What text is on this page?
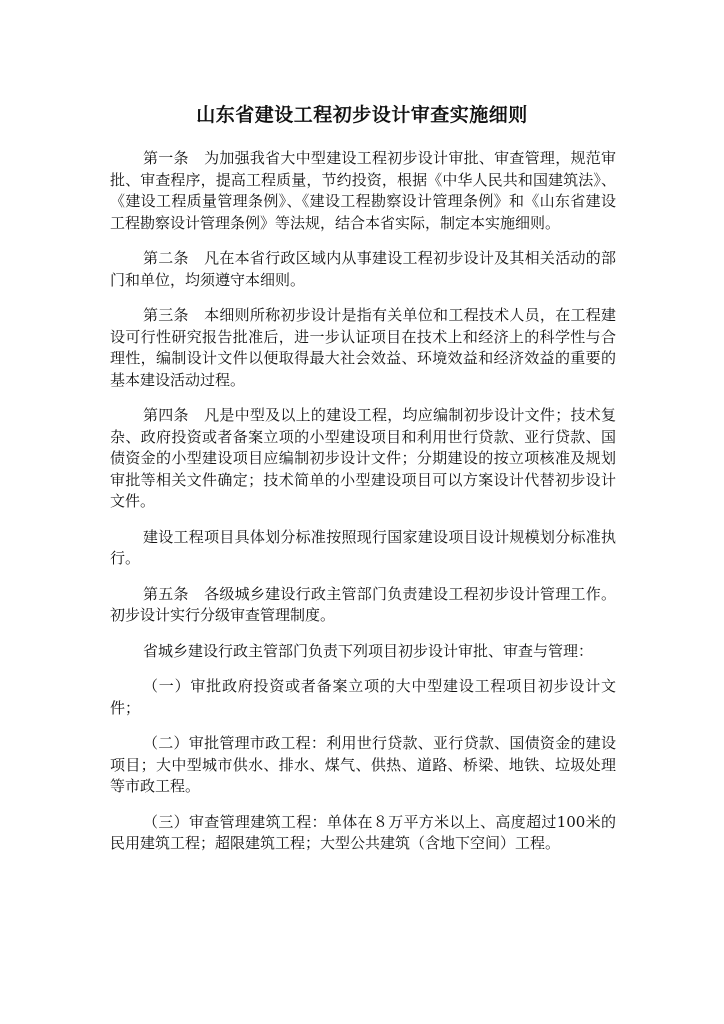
山东省建设工程初步设计审查实施细则

第一条　为加强我省大中型建设工程初步设计审批、审查管理，规范审批、审查程序，提高工程质量，节约投资，根据《中华人民共和国建筑法》、《建设工程质量管理条例》、《建设工程勘察设计管理条例》和《山东省建设工程勘察设计管理条例》等法规，结合本省实际，制定本实施细则。

第二条　凡在本省行政区域内从事建设工程初步设计及其相关活动的部门和单位，均须遵守本细则。

第三条　本细则所称初步设计是指有关单位和工程技术人员，在工程建设可行性研究报告批准后，进一步认证项目在技术上和经济上的科学性与合理性，编制设计文件以便取得最大社会效益、环境效益和经济效益的重要的基本建设活动过程。

第四条　凡是中型及以上的建设工程，均应编制初步设计文件；技术复杂、政府投资或者备案立项的小型建设项目和利用世行贷款、亚行贷款、国债资金的小型建设项目应编制初步设计文件；分期建设的按立项核准及规划审批等相关文件确定；技术简单的小型建设项目可以方案设计代替初步设计文件。

建设工程项目具体划分标准按照现行国家建设项目设计规模划分标准执行。

第五条　各级城乡建设行政主管部门负责建设工程初步设计管理工作。初步设计实行分级审查管理制度。

省城乡建设行政主管部门负责下列项目初步设计审批、审查与管理：

（一）审批政府投资或者备案立项的大中型建设工程项目初步设计文件；

（二）审批管理市政工程：利用世行贷款、亚行贷款、国债资金的建设项目；大中型城市供水、排水、煤气、供热、道路、桥梁、地铁、垃圾处理等市政工程。

（三）审查管理建筑工程：单体在８万平方米以上、高度超过100米的民用建筑工程；超限建筑工程；大型公共建筑（含地下空间）工程。
